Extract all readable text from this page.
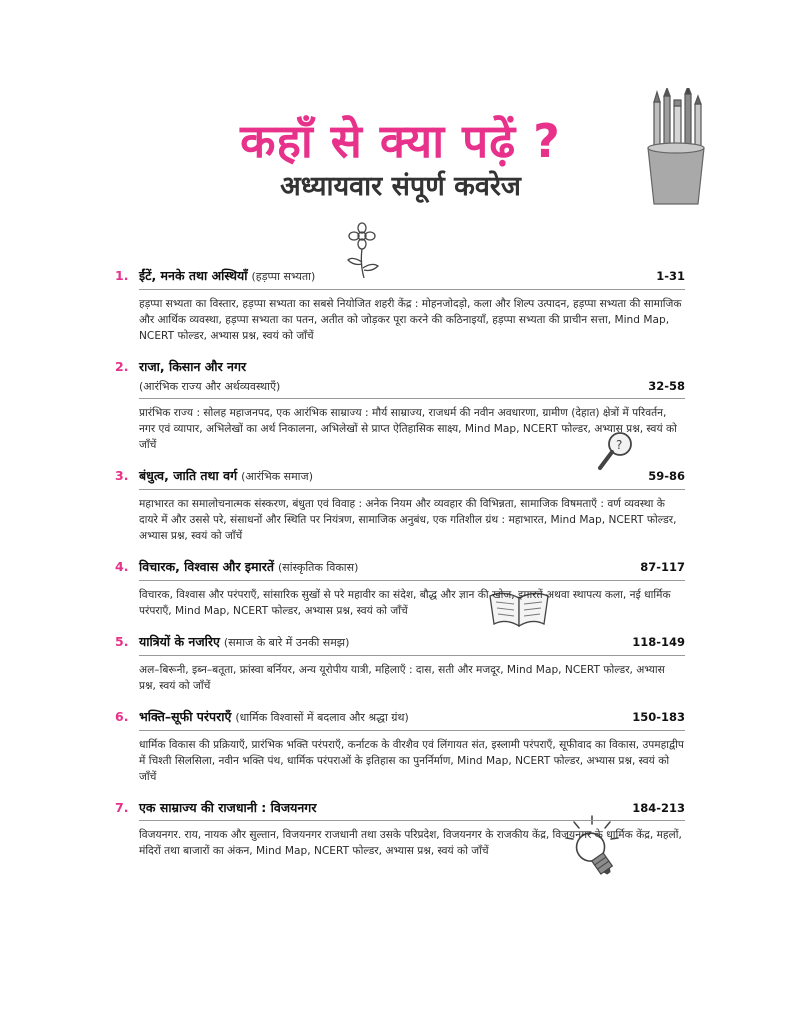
कहाँ से क्या पढ़ें ?
अध्यायवार संपूर्ण कवरेज
?
1. ईंटें, मनके तथा अस्थियाँ (हड़प्पा सभ्यता)	1-31
हड़प्पा सभ्यता का विस्तार, हड़प्पा सभ्यता का सबसे नियोजित शहरी केंद्र : मोहनजोदड़ो, कला और शिल्प उत्पादन, हड़प्पा सभ्यता की सामाजिक और आर्थिक व्यवस्था, हड़प्पा सभ्यता का पतन, अतीत को जोड़कर पूरा करने की कठिनाइयाँ, हड़प्पा सभ्यता की प्राचीन सत्ता, Mind Map, NCERT फोल्डर, अभ्यास प्रश्न, स्वयं को जाँचें
2. राजा, किसान और नगर
(आरंभिक राज्य और अर्थव्यवस्थाएँ)	32-58
प्रारंभिक राज्य : सोलह महाजनपद, एक आरंभिक साम्राज्य : मौर्य साम्राज्य, राजधर्म की नवीन अवधारणा, ग्रामीण (देहात) क्षेत्रों में परिवर्तन, नगर एवं व्यापार, अभिलेखों का अर्थ निकालना, अभिलेखों से प्राप्त ऐतिहासिक साक्ष्य, Mind Map, NCERT फोल्डर, अभ्यास प्रश्न, स्वयं को जाँचें
3. बंधुत्व, जाति तथा वर्ग (आरंभिक समाज)	59-86
महाभारत का समालोचनात्मक संस्करण, बंधुता एवं विवाह : अनेक नियम और व्यवहार की विभिन्नता, सामाजिक विषमताएँ : वर्ण व्यवस्था के दायरे में और उससे परे, संसाधनों और स्थिति पर नियंत्रण, सामाजिक अनुबंध, एक गतिशील ग्रंथ : महाभारत, Mind Map, NCERT फोल्डर, अभ्यास प्रश्न, स्वयं को जाँचें
4. विचारक, विश्वास और इमारतें (सांस्कृतिक विकास)	87-117
विचारक, विश्वास और परंपराएँ, सांसारिक सुखों से परे महावीर का संदेश, बौद्ध और ज्ञान की खोज, इमारतें अथवा स्थापत्य कला, नई धार्मिक परंपराएँ, Mind Map, NCERT फोल्डर, अभ्यास प्रश्न, स्वयं को जाँचें
5. यात्रियों के नजरिए (समाज के बारे में उनकी समझ)	118-149
अल–बिरूनी, इब्न–बतूता, फ्रांस्वा बर्नियर, अन्य यूरोपीय यात्री, महिलाएँ : दास, सती और मजदूर, Mind Map, NCERT फोल्डर, अभ्यास प्रश्न, स्वयं को जाँचें
6. भक्ति–सूफी परंपराएँ (धार्मिक विश्वासों में बदलाव और श्रद्धा ग्रंथ)	150-183
धार्मिक विकास की प्रक्रियाएँ, प्रारंभिक भक्ति परंपराएँ, कर्नाटक के वीरशैव एवं लिंगायत संत, इस्लामी परंपराएँ, सूफीवाद का विकास, उपमहाद्वीप में चिश्ती सिलसिला, नवीन भक्ति पंथ, धार्मिक परंपराओं के इतिहास का पुनर्निर्माण, Mind Map, NCERT फोल्डर, अभ्यास प्रश्न, स्वयं को जाँचें
7. एक साम्राज्य की राजधानी : विजयनगर	184-213
विजयनगर. राय, नायक और सुल्तान, विजयनगर राजधानी तथा उसके परिप्रदेश, विजयनगर के राजकीय केंद्र, विजयनगर के धार्मिक केंद्र, महलों, मंदिरों तथा बाजारों का अंकन, Mind Map, NCERT फोल्डर, अभ्यास प्रश्न, स्वयं को जाँचें
